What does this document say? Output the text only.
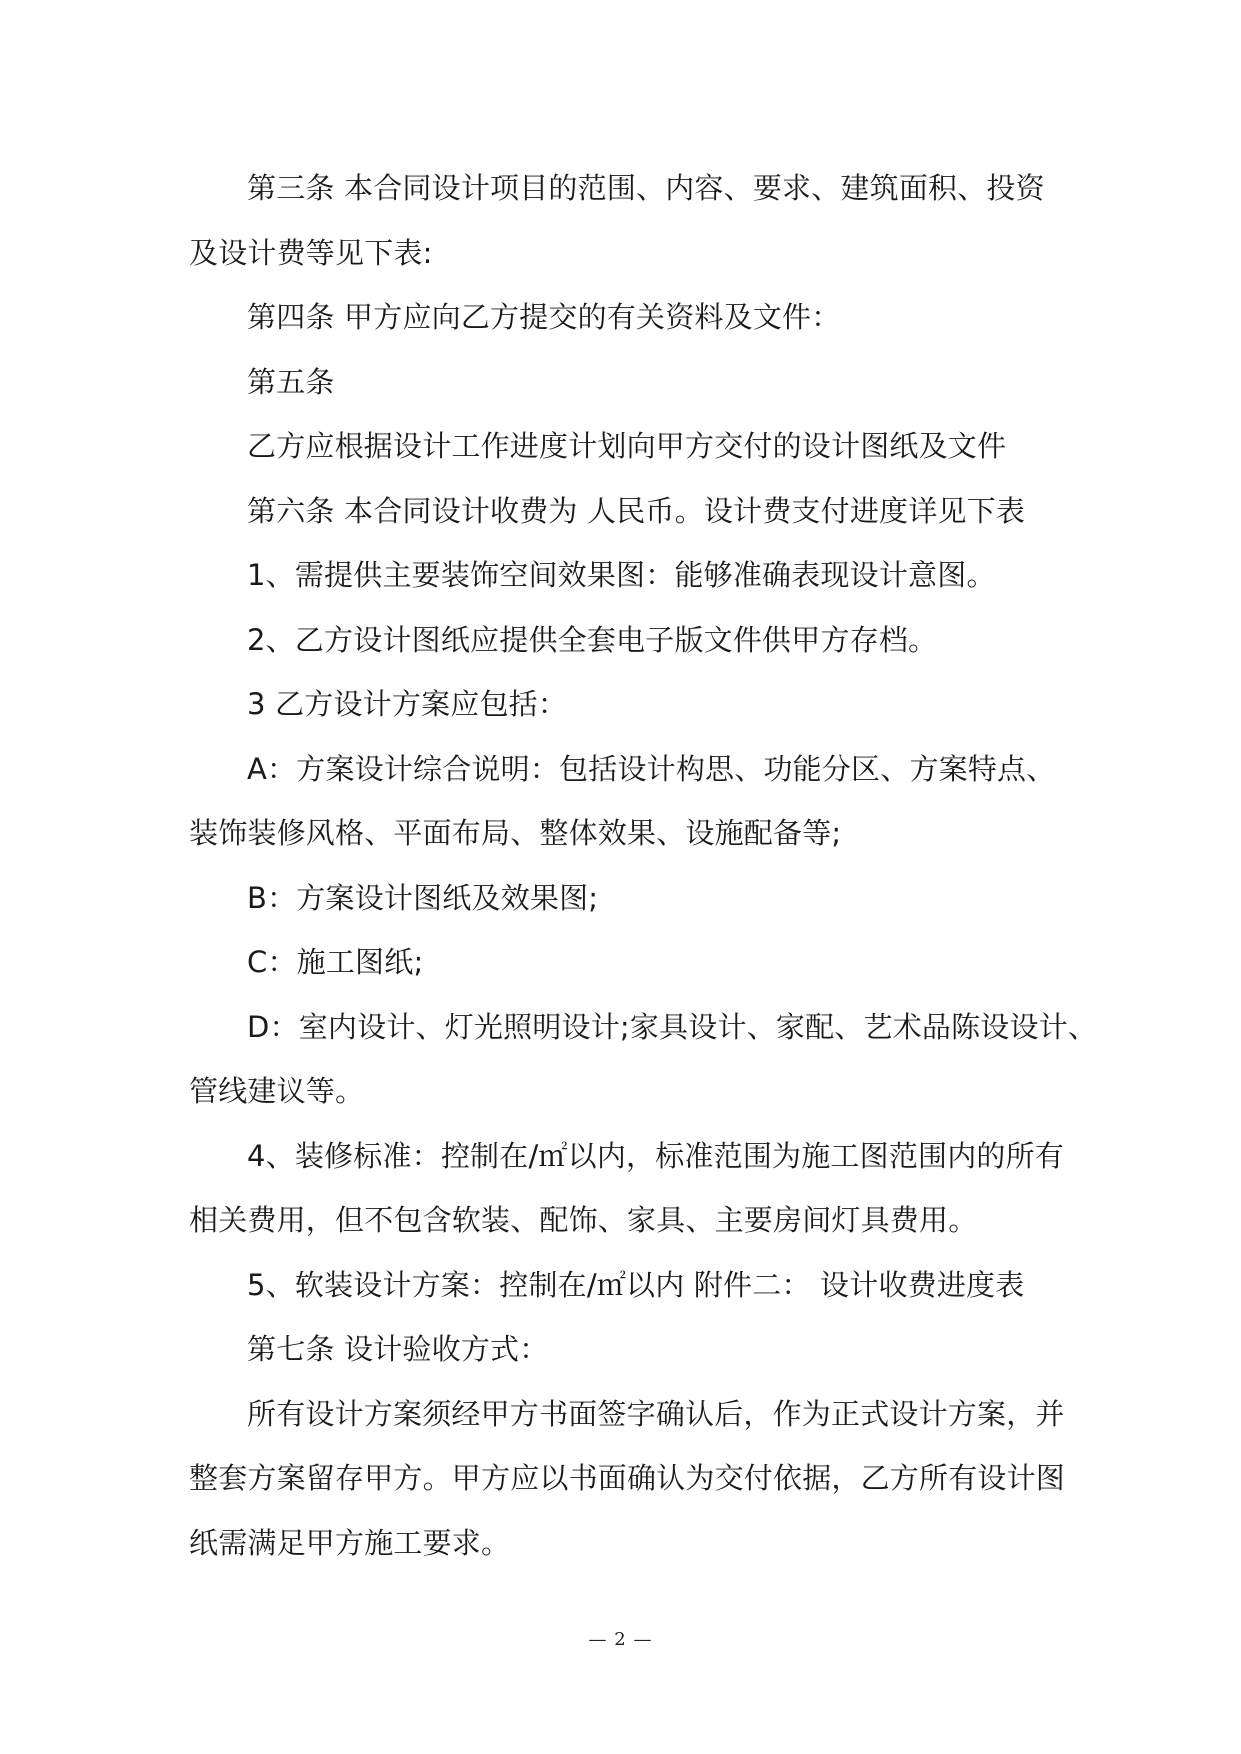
第三条 本合同设计项目的范围、内容、要求、建筑面积、投资
及设计费等见下表:
第四条 甲方应向乙方提交的有关资料及文件：
第五条
乙方应根据设计工作进度计划向甲方交付的设计图纸及文件
第六条 本合同设计收费为 人民币。设计费支付进度详见下表
1、需提供主要装饰空间效果图：能够准确表现设计意图。
2、乙方设计图纸应提供全套电子版文件供甲方存档。
3 乙方设计方案应包括：
A：方案设计综合说明：包括设计构思、功能分区、方案特点、
装饰装修风格、平面布局、整体效果、设施配备等;
B：方案设计图纸及效果图;
C：施工图纸;
D：室内设计、灯光照明设计;家具设计、家配、艺术品陈设设计、
管线建议等。
4、装修标准：控制在/㎡以内，标准范围为施工图范围内的所有
相关费用，但不包含软装、配饰、家具、主要房间灯具费用。
5、软装设计方案：控制在/㎡以内 附件二： 设计收费进度表
第七条 设计验收方式：
所有设计方案须经甲方书面签字确认后，作为正式设计方案，并
整套方案留存甲方。甲方应以书面确认为交付依据，乙方所有设计图
纸需满足甲方施工要求。
— 2 —
